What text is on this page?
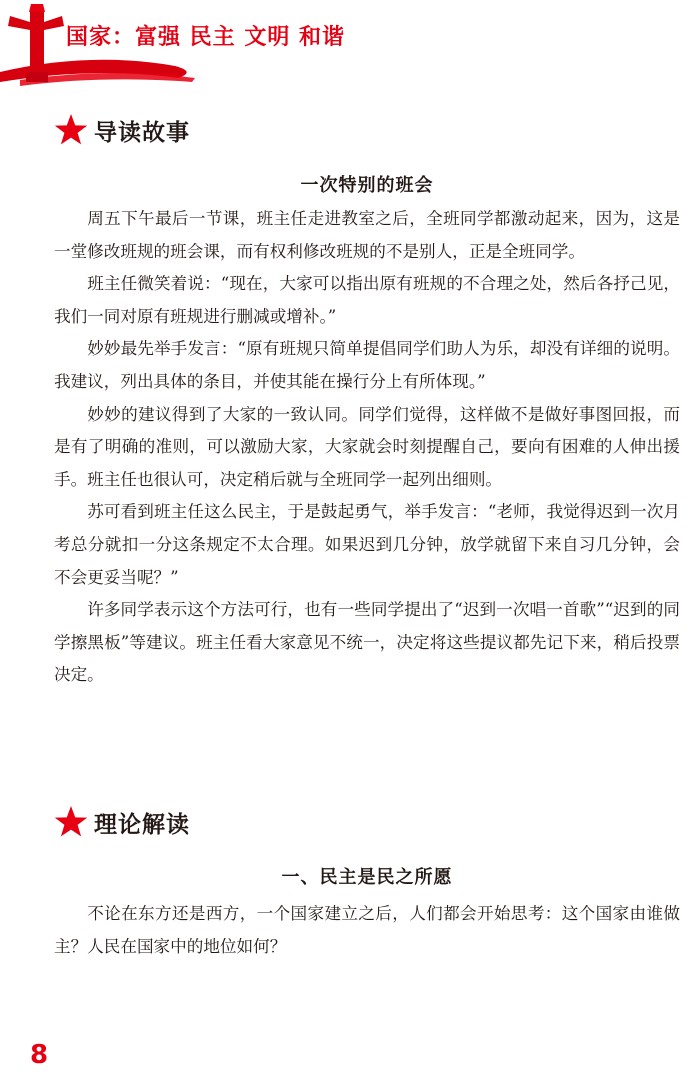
国家：富强 民主 文明 和谐
导读故事
一次特别的班会

周五下午最后一节课，班主任走进教室之后，全班同学都激动起来，因为，这是一堂修改班规的班会课，而有权利修改班规的不是别人，正是全班同学。

班主任微笑着说：“现在，大家可以指出原有班规的不合理之处，然后各抒己见，我们一同对原有班规进行删减或增补。”

妙妙最先举手发言：“原有班规只简单提倡同学们助人为乐，却没有详细的说明。我建议，列出具体的条目，并使其能在操行分上有所体现。”

妙妙的建议得到了大家的一致认同。同学们觉得，这样做不是做好事图回报，而是有了明确的准则，可以激励大家，大家就会时刻提醒自己，要向有困难的人伸出援手。班主任也很认可，决定稍后就与全班同学一起列出细则。

苏可看到班主任这么民主，于是鼓起勇气，举手发言：“老师，我觉得迟到一次月考总分就扣一分这条规定不太合理。如果迟到几分钟，放学就留下来自习几分钟，会不会更妥当呢？”

许多同学表示这个方法可行，也有一些同学提出了“迟到一次唱一首歌”“迟到的同学擦黑板”等建议。班主任看大家意见不统一，决定将这些提议都先记下来，稍后投票决定。

理论解读
一、民主是民之所愿

不论在东方还是西方，一个国家建立之后，人们都会开始思考：这个国家由谁做主？人民在国家中的地位如何？

8
